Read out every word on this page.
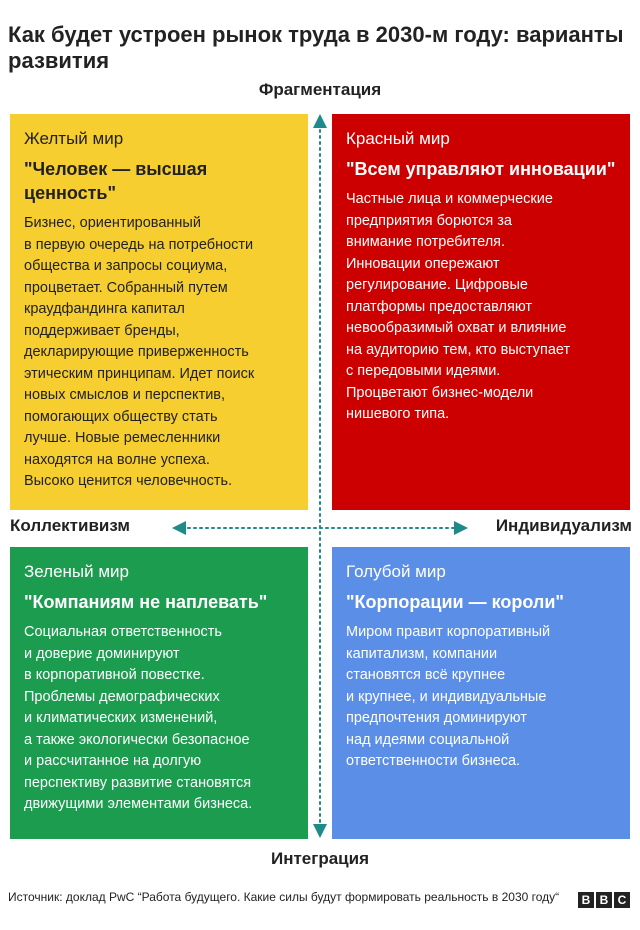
Как будет устроен рынок труда в 2030-м году: варианты развития
Фрагментация
Интеграция
Коллективизм	Индивидуализм
Желтый мир
"Человек — высшая ценность"
Бизнес, ориентированный
в первую очередь на потребности
общества и запросы социума,
процветает. Собранный путем
краудфандинга капитал
поддерживает бренды,
декларирующие приверженность
этическим принципам. Идет поиск
новых смыслов и перспектив,
помогающих обществу стать
лучше. Новые ремесленники
находятся на волне успеха.
Высоко ценится человечность.
Красный мир
"Всем управляют инновации"
Частные лица и коммерческие
предприятия борются за
внимание потребителя.
Инновации опережают
регулирование. Цифровые
платформы предоставляют
невообразимый охват и влияние
на аудиторию тем, кто выступает
с передовыми идеями.
Процветают бизнес-модели
нишевого типа.
Зеленый мир
"Компаниям не наплевать"
Социальная ответственность
и доверие доминируют
в корпоративной повестке.
Проблемы демографических
и климатических изменений,
а также экологически безопасное
и рассчитанное на долгую
перспективу развитие становятся
движущими элементами бизнеса.
Голубой мир
"Корпорации — короли"
Миром правит корпоративный
капитализм, компании
становятся всё крупнее
и крупнее, и индивидуальные
предпочтения доминируют
над идеями социальной
ответственности бизнеса.
Источник: доклад PwC “Работа будущего. Какие силы будут формировать реальность в 2030 году“	B B C
